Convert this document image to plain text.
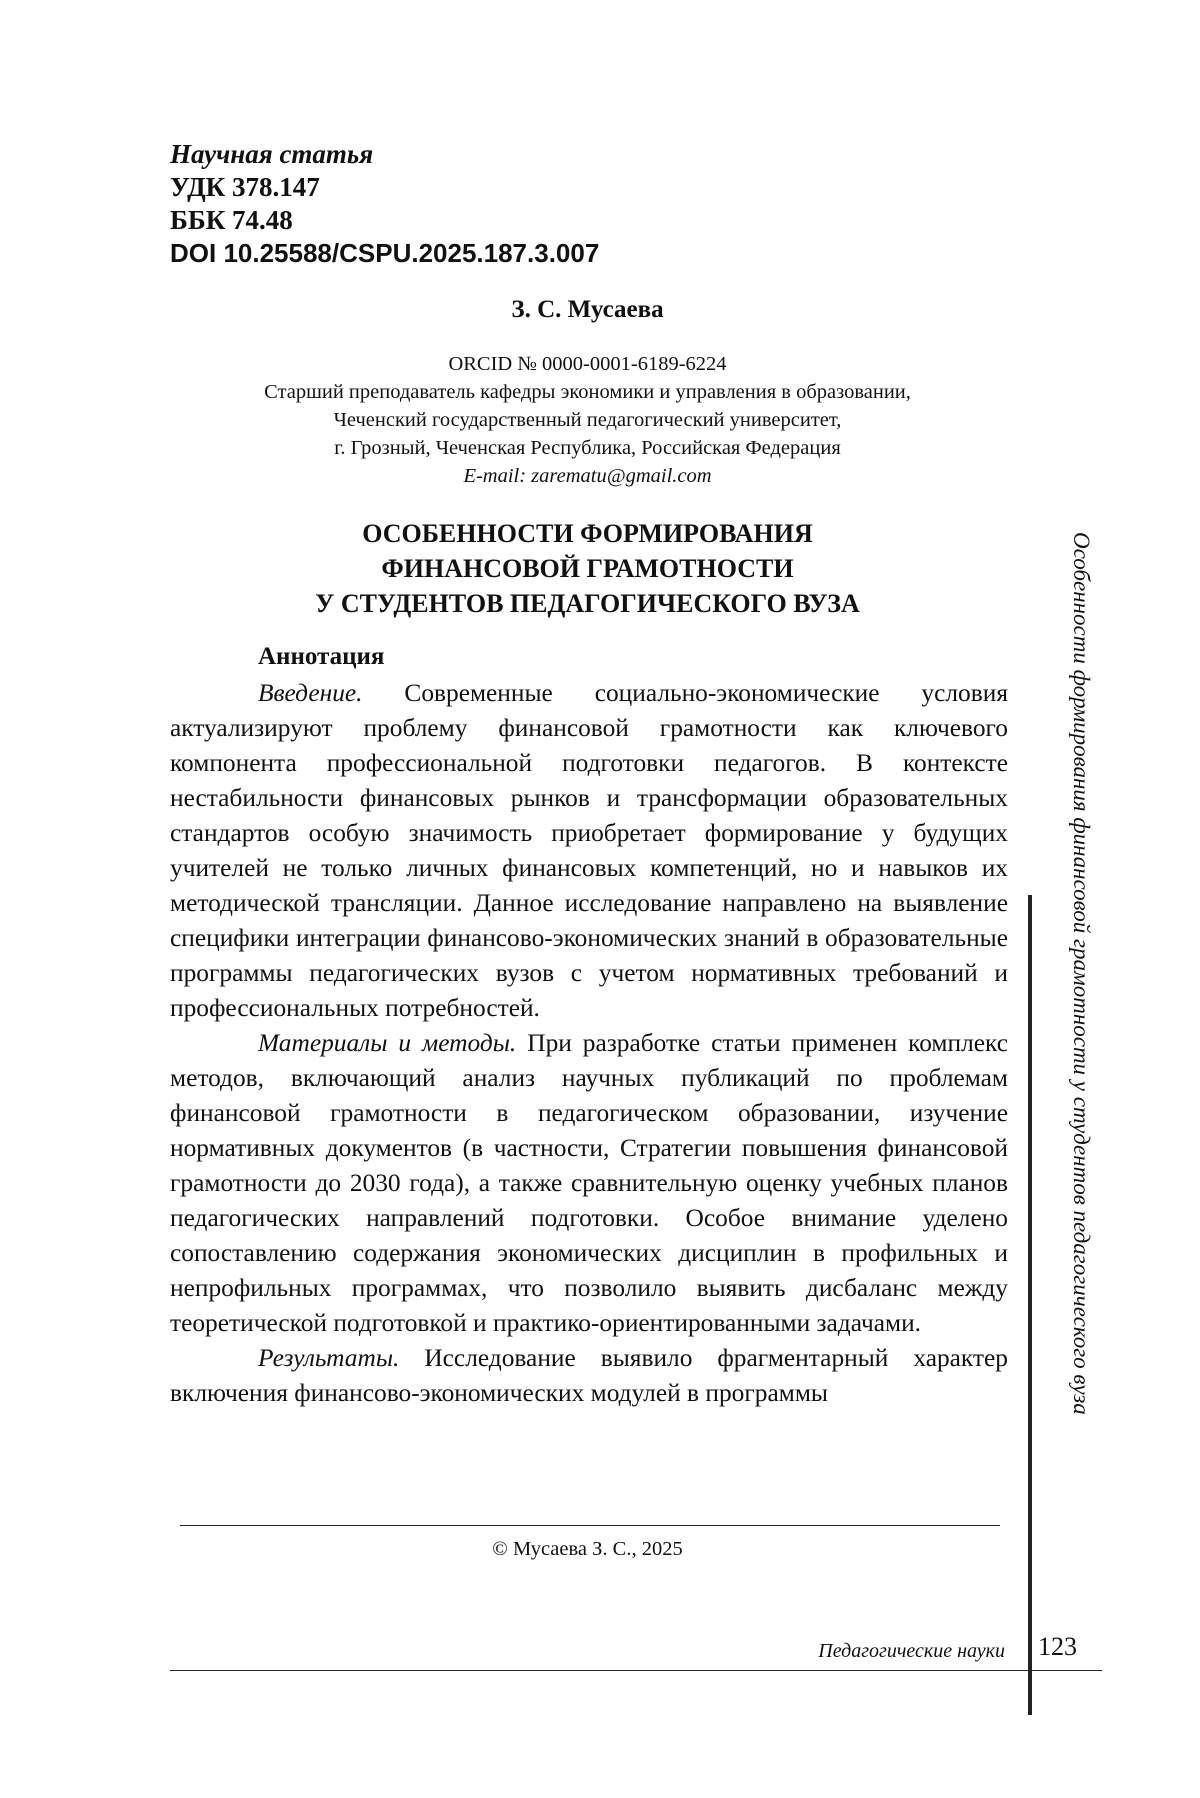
Научная статья

УДК 378.147

ББК 74.48

DOI 10.25588/CSPU.2025.187.3.007

З. С. Мусаева
ORCID № 0000-0001-6189-6224
Старший преподаватель кафедры экономики и управления в образовании,
Чеченский государственный педагогический университет,
г. Грозный, Чеченская Республика, Российская Федерация
E-mail: zarematu@gmail.com
ОСОБЕННОСТИ ФОРМИРОВАНИЯ
ФИНАНСОВОЙ ГРАМОТНОСТИ
У СТУДЕНТОВ ПЕДАГОГИЧЕСКОГО ВУЗА

Аннотация

Введение. Современные социально-экономические усло­вия актуализируют проблему финансовой грамотности как клю­чевого компонента профессиональной подготовки педагогов. В контексте нестабильности финансовых рынков и трансформации образовательных стандартов особую значимость приобретает формирование у будущих учителей не только личных финансо­вых компетенций, но и навыков их методической трансляции. Данное исследование направлено на выявление специфики инте­грации финансово-экономических знаний в образовательные программы педагогических вузов с учетом нормативных требо­ваний и профессиональных потребностей.

Материалы и методы. При разработке статьи применен комплекс методов, включающий анализ научных публикаций по проблемам финансовой грамотности в педагогическом образова­нии, изучение нормативных документов (в частности, Стратегии повышения финансовой грамотности до 2030 года), а также срав­нительную оценку учебных планов педагогических направлений подготовки. Особое внимание уделено сопоставлению содержа­ния экономических дисциплин в профильных и непрофильных программах, что позволило выявить дисбаланс между теоретиче­ской подготовкой и практико-ориентированными задачами.

Результаты. Исследование выявило фрагментарный ха­рактер включения финансово-экономических модулей в программы

© Мусаева З. С., 2025
Педагогические науки 123
Особенности формирования финансовой грамотности у студентов педагогического вуза
